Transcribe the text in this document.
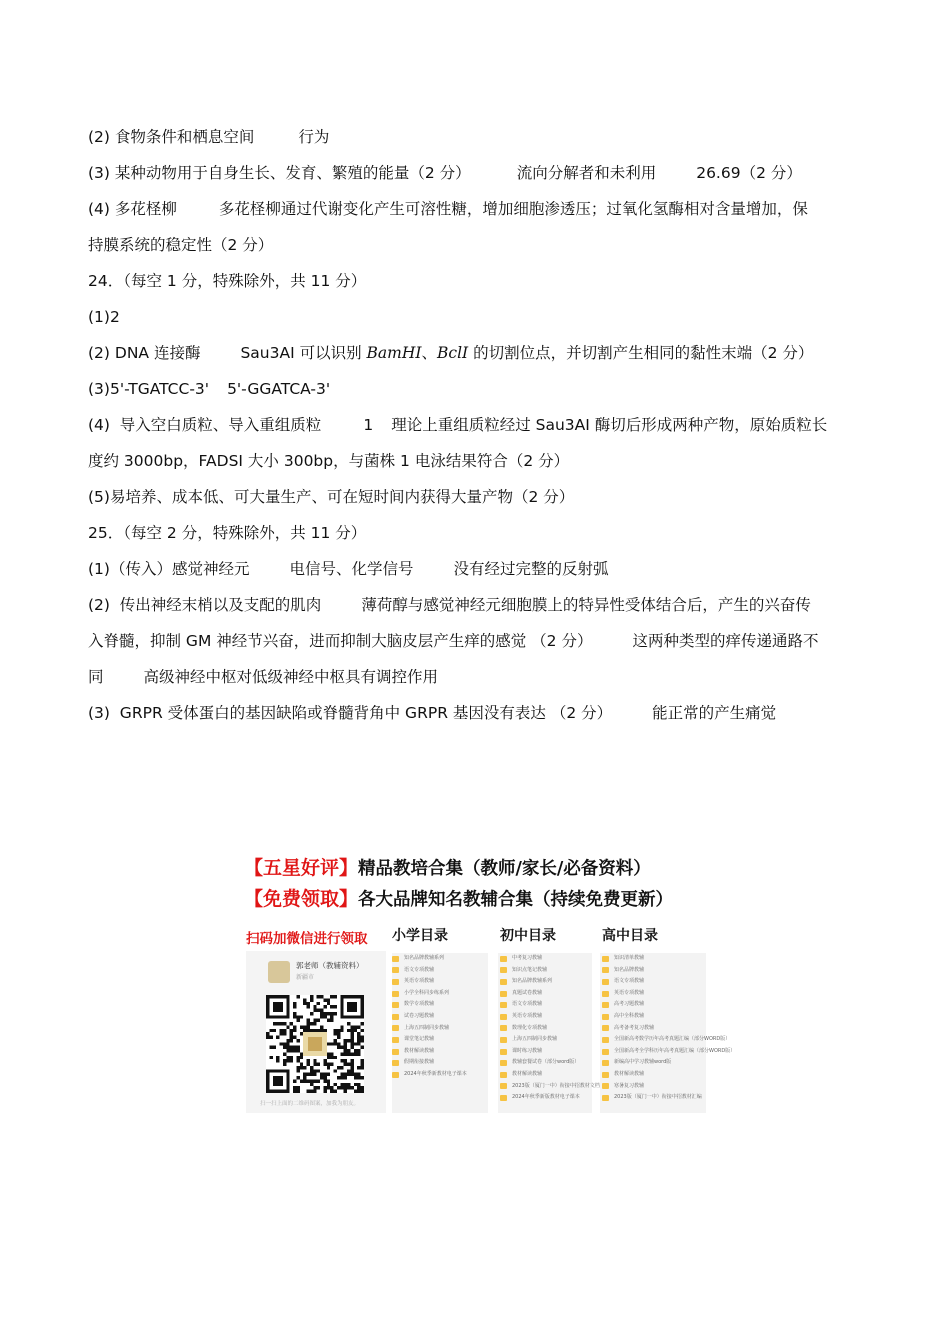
(2) 食物条件和栖息空间	行为
(3) 某种动物用于自身生长、发育、繁殖的能量（2 分）	流向分解者和未利用	26.69（2 分）
(4) 多花柽柳	多花柽柳通过代谢变化产生可溶性糖，增加细胞渗透压；过氧化氢酶相对含量增加，保
持膜系统的稳定性（2 分）
24．（每空 1 分，特殊除外，共 11 分）
(1)2
(2) DNA 连接酶	Sau3AI 可以识别 BamHI、BclI 的切割位点，并切割产生相同的黏性末端（2 分）
(3)5'-TGATCC-3' 5'-GGATCA-3'
(4)  导入空白质粒、导入重组质粒	1 理论上重组质粒经过 Sau3AI 酶切后形成两种产物，原始质粒长
度约 3000bp，FADSI 大小 300bp，与菌株 1 电泳结果符合（2 分）
(5)易培养、成本低、可大量生产、可在短时间内获得大量产物（2 分）
25．（每空 2 分，特殊除外，共 11 分）
(1)（传入）感觉神经元	电信号、化学信号	没有经过完整的反射弧
(2)  传出神经末梢以及支配的肌肉	薄荷醇与感觉神经元细胞膜上的特异性受体结合后，产生的兴奋传
入脊髓，抑制 GM 神经节兴奋，进而抑制大脑皮层产生痒的感觉 （2 分）	这两种类型的痒传递通路不
同	高级神经中枢对低级神经中枢具有调控作用
(3)  GRPR 受体蛋白的基因缺陷或脊髓背角中 GRPR 基因没有表达 （2 分）	能正常的产生痛觉
【五星好评】精品教培合集（教师/家长/必备资料）
【免费领取】各大品牌知名教辅合集（持续免费更新）
扫码加微信进行领取
郭老师（教辅资料）
新疆市
扫一扫上面的二维码图案，加我为朋友。
小学目录
知名品牌教辅系列
语文专项教辅
英语专项教辅
小学全科同步练系列
数学专项教辅
试卷习题教辅
上海五四制同步教辅
课堂笔记教辅
教材解读教辅
假期衔接教辅
2024年秋季新教材电子课本
初中目录
中考复习教辅
知识点笔记教辅
知名品牌教辅系列
真题试卷教辅
语文专项教辅
英语专项教辅
数理化专项教辅
上海五四制同步教辅
课时练习教辅
教辅套餐试卷（部分word版）
教材解读教辅
2023版（厦门一中）衔接中招教材文档
2024年秋季新版教材电子课本
高中目录
知识清单教辅
知名品牌教辅
语文专项教辅
英语专项教辅
高考习题教辅
高中全科教辅
高考备考复习教辅
全国新高考数学历年高考真题汇编（部分WORD版）
全国新高考全学科历年高考真题汇编（部分WORD版）
新编高中学习教辅word版
教材解读教辅
寒暑复习教辅
2023版（厦门一中）衔接中招教材汇编
